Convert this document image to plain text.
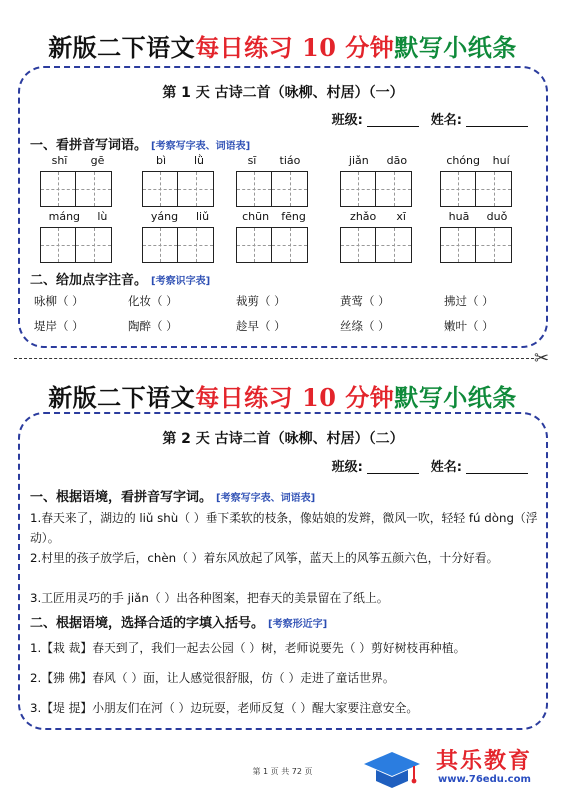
新版二下语文每日练习 10 分钟默写小纸条
第 1 天 古诗二首（咏柳、村居）（一）
班级:	姓名:
一、看拼音写词语。 [考察写字表、词语表]
shī gē	bì	lǜ	sī tiáo	jiǎn dāo	chóng huí
máng lù	yáng liǔ	chūn fēng	zhǎo xī	huā duǒ
二、给加点字注音。 [考察识字表]
咏柳（ ）	化妆（ ）	裁剪（ ）	黄莺（ ）	拂过（ ）
堤岸（ ）	陶醉（ ）	趁早（ ）	丝绦（ ）	嫩叶（ ）
✂
新版二下语文每日练习 10 分钟默写小纸条
第 2 天 古诗二首（咏柳、村居）（二）
班级:	姓名:
一、根据语境，看拼音写字词。 [考察写字表、词语表]
1.春天来了，湖边的 liǔ shù（ ）垂下柔软的枝条，像姑娘的发辫，微风一吹，轻轻 fú dòng（浮动）。
2.村里的孩子放学后，chèn（ ）着东风放起了风筝，蓝天上的风筝五颜六色，十分好看。
3.工匠用灵巧的手 jiǎn（ ）出各种图案，把春天的美景留在了纸上。
二、根据语境，选择合适的字填入括号。 [考察形近字]
1.【栽 裁】春天到了，我们一起去公园（ ）树，老师说要先（ ）剪好树枝再种植。
2.【狒 佛】春风（ ）面，让人感觉很舒服，仿（ ）走进了童话世界。
3.【堤 提】小朋友们在河（ ）边玩耍，老师反复（ ）醒大家要注意安全。
第 1 页 共 72 页	其乐教育
www.76edu.com
